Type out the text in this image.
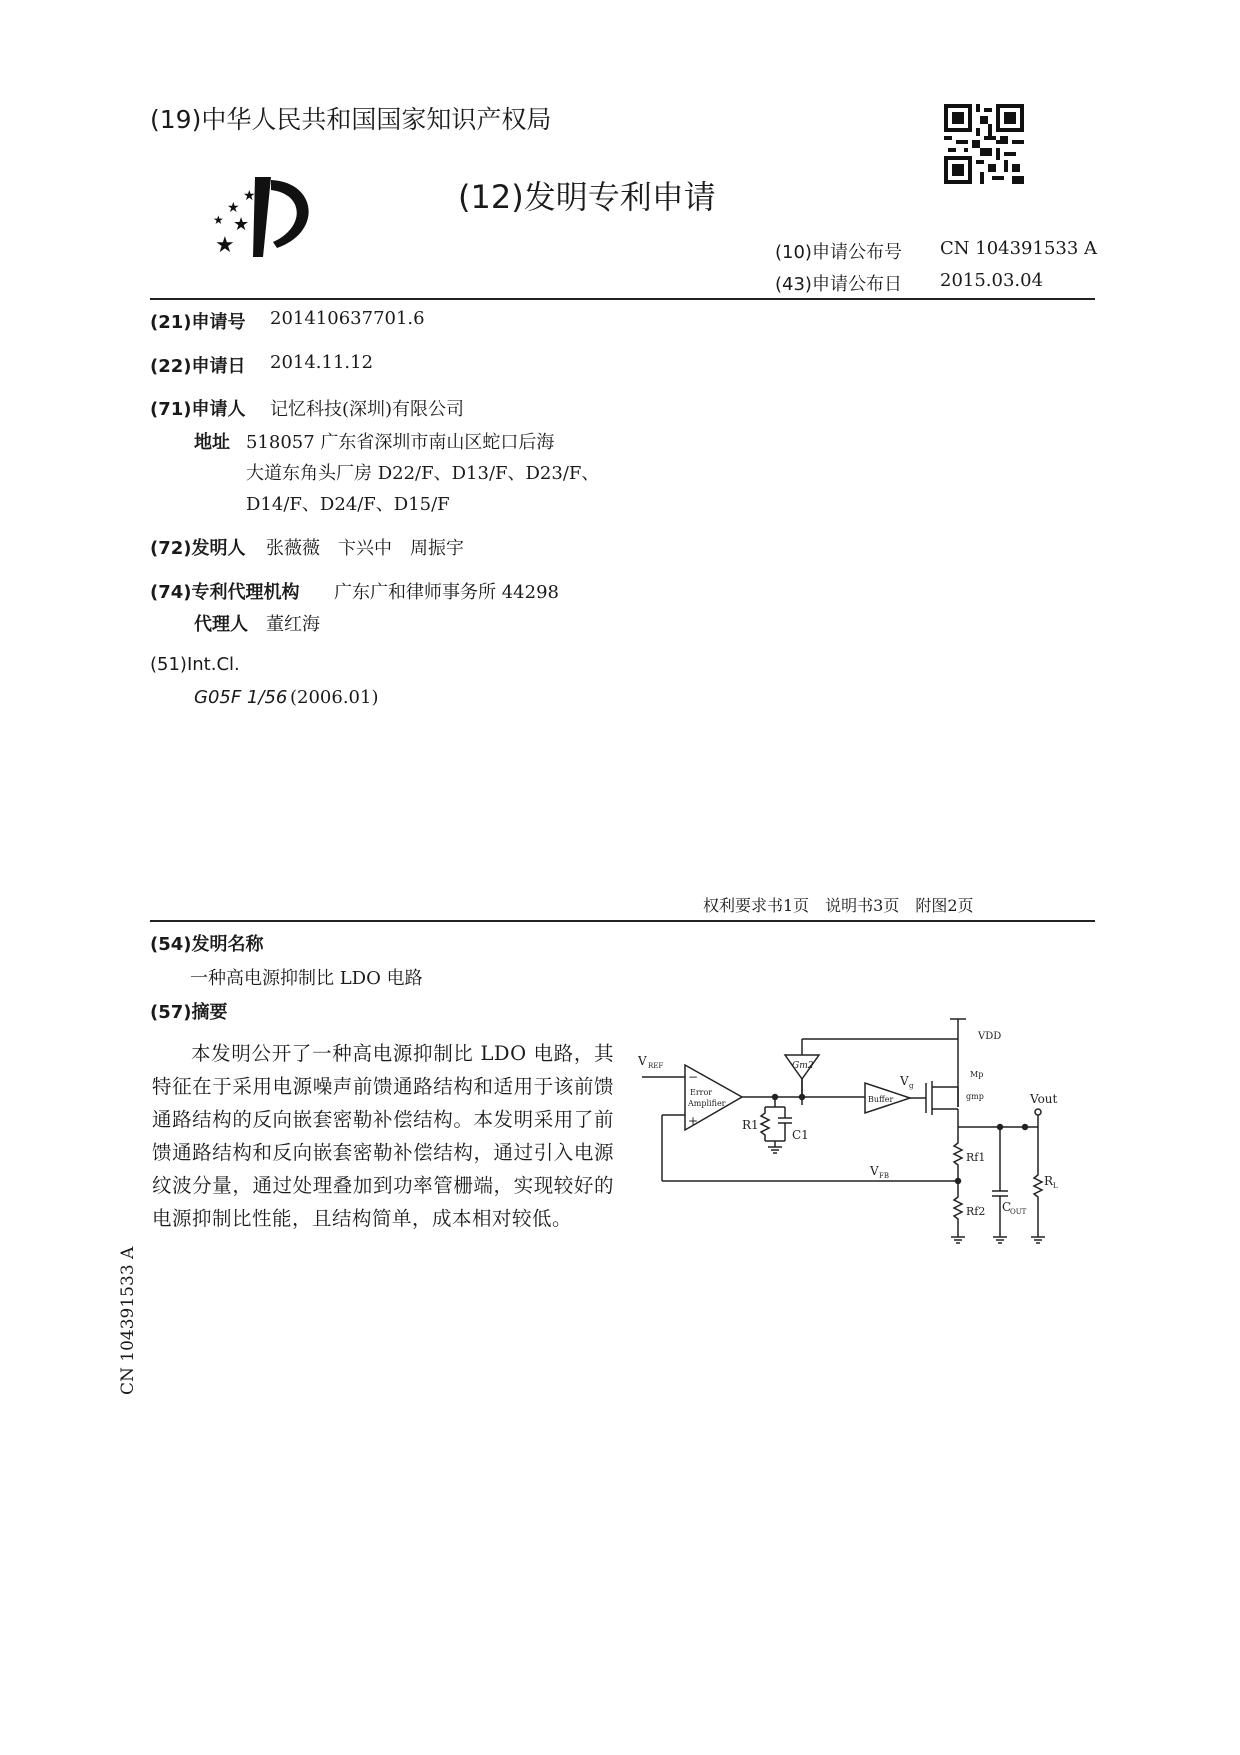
(19)中华人民共和国国家知识产权局
(12)发明专利申请
★
★
★ ★
★	(10)申请公布号 CN 104391533 A
(43)申请公布日 2015.03.04
(21)申请号 201410637701.6
(22)申请日 2014.11.12
(71)申请人 记忆科技(深圳)有限公司
地址 518057 广东省深圳市南山区蛇口后海
大道东角头厂房 D22/F、D13/F、D23/F、
D14/F、D24/F、D15/F
(72)发明人 张薇薇　卞兴中　周振宇
(74)专利代理机构 广东广和律师事务所 44298
代理人 董红海
(51)Int.Cl.
G05F 1/56 (2006.01)
权利要求书1页　说明书3页　附图2页
(54)发明名称
一种高电源抑制比 LDO 电路
(57)摘要
本发明公开了一种高电源抑制比 LDO 电路，其特征在于采用电源噪声前馈通路结构和适用于该前馈通路结构的反向嵌套密勒补偿结构。本发明采用了前馈通路结构和反向嵌套密勒补偿结构，通过引入电源纹波分量，通过处理叠加到功率管栅端，实现较好的电源抑制比性能，且结构简单，成本相对较低。
VDD
Gm2
Error
Amplifier
−
+
V REF
R1
C1
Buffer
V g
Mp
gmp	Vout
Rf1
Rf2
V FB
C
OUT
R L
CN 104391533 A
